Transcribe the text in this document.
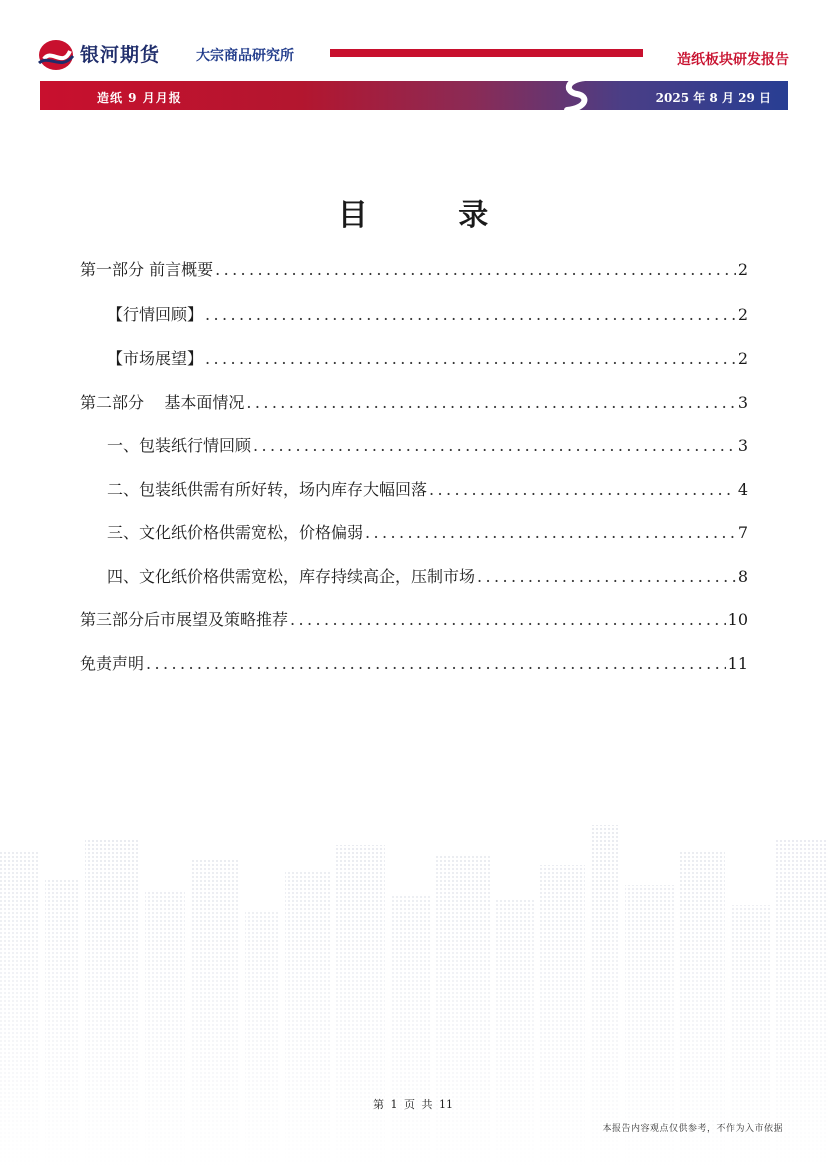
银河期货	大宗商品研究所	造纸板块研发报告
造纸 9 月月报	2025 年 8 月 29 日
目 录
第一部分 前言概要 .....	2
【行情回顾】 .....	2
【市场展望】 .....	2
第二部分    基本面情况 .....	3
一、包装纸行情回顾 .....	3
二、包装纸供需有所好转，场内库存大幅回落 .....	4
三、文化纸价格供需宽松，价格偏弱 .....	7
四、文化纸价格供需宽松，库存持续高企，压制市场 .....	8
第三部分后市展望及策略推荐 .....	10
免责声明 .....	11
第 1 页 共 11
本报告内容观点仅供参考，不作为入市依据
